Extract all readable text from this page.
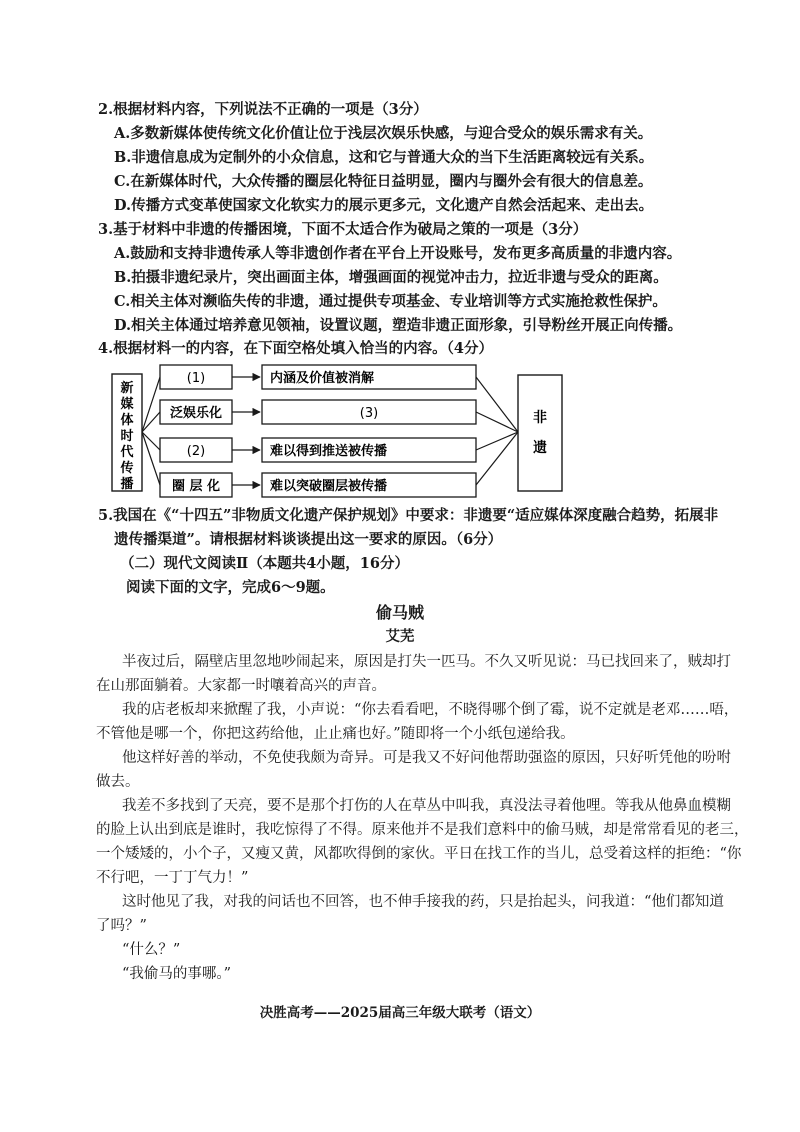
2.根据材料内容，下列说法不正确的一项是（3分）
A.多数新媒体使传统文化价值让位于浅层次娱乐快感，与迎合受众的娱乐需求有关。
B.非遗信息成为定制外的小众信息，这和它与普通大众的当下生活距离较远有关系。
C.在新媒体时代，大众传播的圈层化特征日益明显，圈内与圈外会有很大的信息差。
D.传播方式变革使国家文化软实力的展示更多元，文化遗产自然会活起来、走出去。
3.基于材料中非遗的传播困境，下面不太适合作为破局之策的一项是（3分）
A.鼓励和支持非遗传承人等非遗创作者在平台上开设账号，发布更多高质量的非遗内容。
B.拍摄非遗纪录片，突出画面主体，增强画面的视觉冲击力，拉近非遗与受众的距离。
C.相关主体对濒临失传的非遗，通过提供专项基金、专业培训等方式实施抢救性保护。
D.相关主体通过培养意见领袖，设置议题，塑造非遗正面形象，引导粉丝开展正向传播。
4.根据材料一的内容，在下面空格处填入恰当的内容。（4分）
新
媒
体
时
代
传
播
非
遗
(1)	内涵及价值被消解
泛娱乐化	(3)
(2)	难以得到推送被传播
圈 层 化	难以突破圈层被传播
5.我国在《“十四五”非物质文化遗产保护规划》中要求：非遗要“适应媒体深度融合趋势，拓展非
遗传播渠道”。请根据材料谈谈提出这一要求的原因。（6分）
（二）现代文阅读Ⅱ（本题共4小题，16分）
阅读下面的文字，完成6～9题。
偷马贼
艾芜
半夜过后，隔壁店里忽地吵闹起来，原因是打失一匹马。不久又听见说：马已找回来了，贼却打
在山那面躺着。大家都一时嚷着高兴的声音。
我的店老板却来掀醒了我，小声说：“你去看看吧，不晓得哪个倒了霉，说不定就是老邓……唔，
不管他是哪一个，你把这药给他，止止痛也好。”随即将一个小纸包递给我。
他这样好善的举动，不免使我颇为奇异。可是我又不好问他帮助强盗的原因，只好听凭他的吩咐
做去。
我差不多找到了天亮，要不是那个打伤的人在草丛中叫我，真没法寻着他哩。等我从他鼻血模糊
的脸上认出到底是谁时，我吃惊得了不得。原来他并不是我们意料中的偷马贼，却是常常看见的老三，
一个矮矮的，小个子，又瘦又黄，风都吹得倒的家伙。平日在找工作的当儿，总受着这样的拒绝：“你
不行吧，一丁丁气力！”
这时他见了我，对我的问话也不回答，也不伸手接我的药，只是抬起头，问我道：“他们都知道
了吗？”
“什么？”
“我偷马的事哪。”
决胜高考——2025届高三年级大联考（语文）
